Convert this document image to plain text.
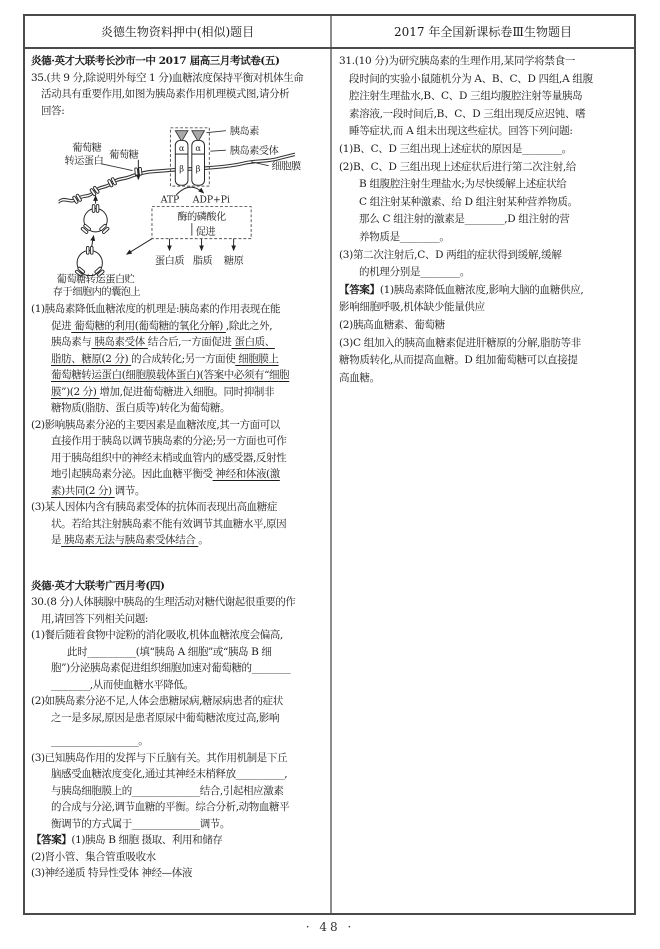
炎德生物资料押中(相似)题目	2017 年全国新课标卷Ⅲ生物题目
炎德·英才大联考长沙市一中 2017 届高三月考试卷(五)
35.(共 9 分,除说明外每空 1 分)血糖浓度保持平衡对机体生命
活动具有重要作用,如图为胰岛素作用机理模式图,请分析
回答:
α α
β β
胰岛素
胰岛素受体
细胞膜
葡萄糖
转运蛋白
葡萄糖
ATP ADP+Pi
酶的磷酸化
促进
蛋白质 脂质 糖原
葡萄糖转运蛋白贮
存于细胞内的囊泡上
(1)胰岛素降低血糖浓度的机理是:胰岛素的作用表现在能
促进 葡萄糖的利用(葡萄糖的氧化分解) ,除此之外,
胰岛素与 胰岛素受体 结合后,一方面促进 蛋白质、
脂肪、糖原(2 分) 的合成转化;另一方面使 细胞膜上
葡萄糖转运蛋白(细胞膜载体蛋白)(答案中必须有“细胞
膜”)(2 分) 增加,促进葡萄糖进入细胞。同时抑制非
糖物质(脂肪、蛋白质等)转化为葡萄糖。
(2)影响胰岛素分泌的主要因素是血糖浓度,其一方面可以
直接作用于胰岛以调节胰岛素的分泌;另一方面也可作
用于胰岛组织中的神经末梢或血管内的感受器,反射性
地引起胰岛素分泌。因此血糖平衡受 神经和体液(激
素)共同(2 分) 调节。
(3)某人因体内含有胰岛素受体的抗体而表现出高血糖症
状。若给其注射胰岛素不能有效调节其血糖水平,原因
是 胰岛素无法与胰岛素受体结合 。
炎德·英才大联考广西月考(四)
30.(8 分)人体胰腺中胰岛的生理活动对糖代谢起很重要的作
用,请回答下列相关问题:
(1)餐后随着食物中淀粉的消化吸收,机体血糖浓度会偏高,
此时__________(填“胰岛 A 细胞”或“胰岛 B 细
胞”)分泌胰岛素促进组织细胞加速对葡萄糖的________
________,从而使血糖水平降低。
(2)如胰岛素分泌不足,人体会患糖尿病,糖尿病患者的症状
之一是多尿,原因是患者原尿中葡萄糖浓度过高,影响
__________________。
(3)已知胰岛作用的发挥与下丘脑有关。其作用机制是下丘
脑感受血糖浓度变化,通过其神经末梢释放__________,
与胰岛细胞膜上的______________结合,引起相应激素
的合成与分泌,调节血糖的平衡。综合分析,动物血糖平
衡调节的方式属于______________调节。
【答案】(1)胰岛 B 细胞 摄取、利用和储存
(2)肾小管、集合管重吸收水
(3)神经递质 特异性受体 神经—体液
31.(10 分)为研究胰岛素的生理作用,某同学将禁食一
段时间的实验小鼠随机分为 A、B、C、D 四组,A 组腹
腔注射生理盐水,B、C、D 三组均腹腔注射等量胰岛
素溶液,一段时间后,B、C、D 三组出现反应迟钝、嗜
睡等症状,而 A 组未出现这些症状。回答下列问题:
(1)B、C、D 三组出现上述症状的原因是________。
(2)B、C、D 三组出现上述症状后进行第二次注射,给
B 组腹腔注射生理盐水;为尽快缓解上述症状给
C 组注射某种激素、给 D 组注射某种营养物质。
那么 C 组注射的激素是________,D 组注射的营
养物质是________。
(3)第二次注射后,C、D 两组的症状得到缓解,缓解
的机理分别是________。
【答案】(1)胰岛素降低血糖浓度,影响大脑的血糖供应,
影响细胞呼吸,机体缺少能量供应
(2)胰高血糖素、葡萄糖
(3)C 组加入的胰高血糖素促进肝糖原的分解,脂肪等非
糖物质转化,从而提高血糖。D 组加葡萄糖可以直接提
高血糖。
· 48 ·
